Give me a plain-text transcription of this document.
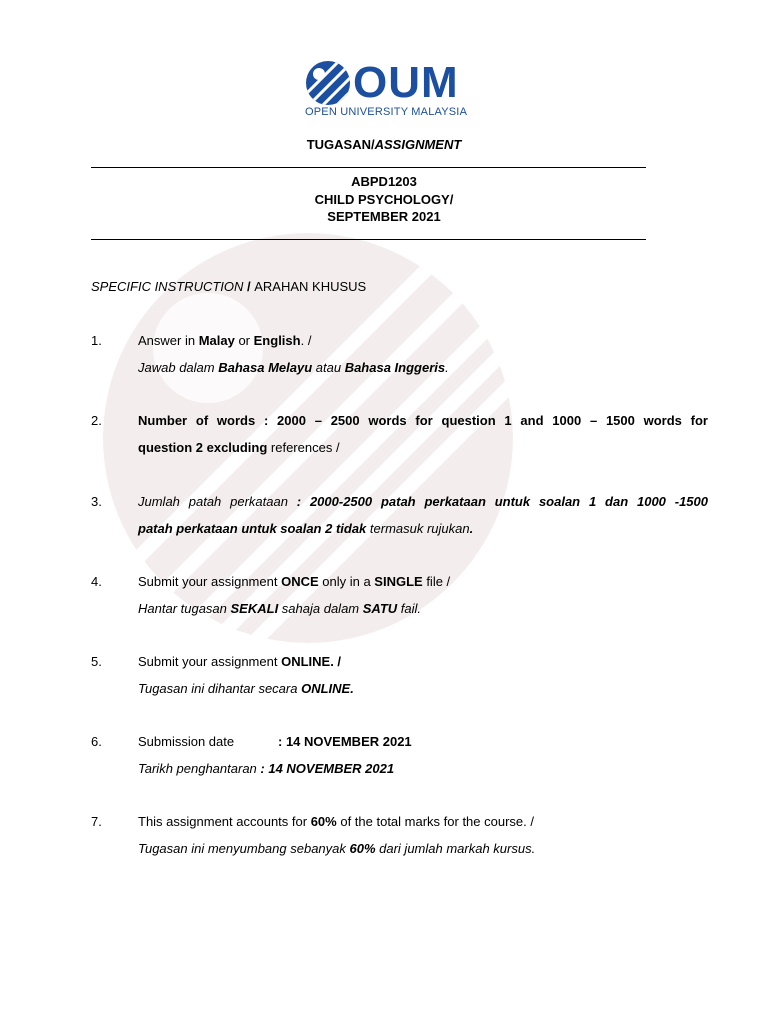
OUM
OPEN UNIVERSITY MALAYSIA
TUGASAN/ASSIGNMENT
ABPD1203
CHILD PSYCHOLOGY/
SEPTEMBER 2021
SPECIFIC INSTRUCTION / ARAHAN KHUSUS
1.	Answer in Malay or English. /
Jawab dalam Bahasa Melayu atau Bahasa Inggeris.
2.	Number of words : 2000 – 2500 words for question 1 and 1000 – 1500 words for
question 2 excluding references /
3.	Jumlah patah perkataan : 2000-2500 patah perkataan untuk soalan 1 dan 1000 -1500
patah perkataan untuk soalan 2 tidak termasuk rujukan.
4.	Submit your assignment ONCE only in a SINGLE file /
Hantar tugasan SEKALI sahaja dalam SATU fail.
5.	Submit your assignment ONLINE. /
Tugasan ini dihantar secara ONLINE.
6.	Submission date	: 14 NOVEMBER 2021
Tarikh penghantaran : 14 NOVEMBER 2021
7.	This assignment accounts for 60% of the total marks for the course. /
Tugasan ini menyumbang sebanyak 60% dari jumlah markah kursus.
